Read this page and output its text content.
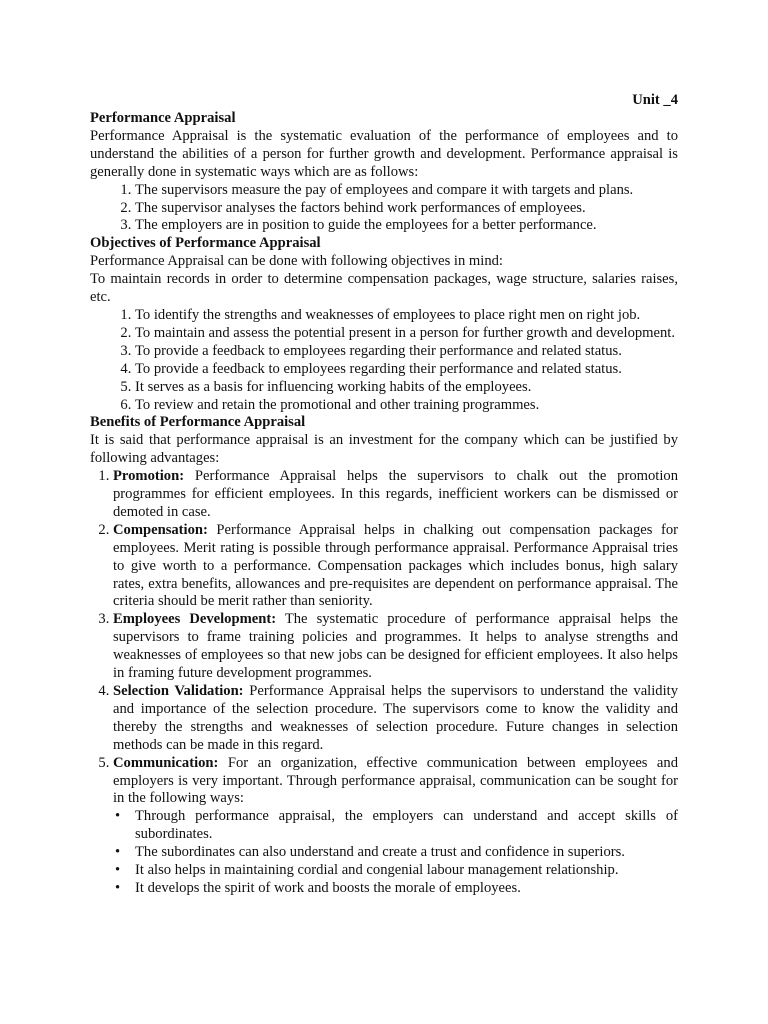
Unit _4
Performance Appraisal
Performance Appraisal is the systematic evaluation of the performance of employees and to understand the abilities of a person for further growth and development. Performance appraisal is generally done in systematic ways which are as follows:
1. The supervisors measure the pay of employees and compare it with targets and plans.
2. The supervisor analyses the factors behind work performances of employees.
3. The employers are in position to guide the employees for a better performance.
Objectives of Performance Appraisal
Performance Appraisal can be done with following objectives in mind:
To maintain records in order to determine compensation packages, wage structure, salaries raises, etc.
1. To identify the strengths and weaknesses of employees to place right men on right job.
2. To maintain and assess the potential present in a person for further growth and development.
3. To provide a feedback to employees regarding their performance and related status.
4. To provide a feedback to employees regarding their performance and related status.
5. It serves as a basis for influencing working habits of the employees.
6. To review and retain the promotional and other training programmes.
Benefits of Performance Appraisal
It is said that performance appraisal is an investment for the company which can be justified by following advantages:
1. Promotion: Performance Appraisal helps the supervisors to chalk out the promotion programmes for efficient employees. In this regards, inefficient workers can be dismissed or demoted in case.
2. Compensation: Performance Appraisal helps in chalking out compensation packages for employees. Merit rating is possible through performance appraisal. Performance Appraisal tries to give worth to a performance. Compensation packages which includes bonus, high salary rates, extra benefits, allowances and pre-requisites are dependent on performance appraisal. The criteria should be merit rather than seniority.
3. Employees Development: The systematic procedure of performance appraisal helps the supervisors to frame training policies and programmes. It helps to analyse strengths and weaknesses of employees so that new jobs can be designed for efficient employees. It also helps in framing future development programmes.
4. Selection Validation: Performance Appraisal helps the supervisors to understand the validity and importance of the selection procedure. The supervisors come to know the validity and thereby the strengths and weaknesses of selection procedure. Future changes in selection methods can be made in this regard.
5. Communication: For an organization, effective communication between employees and employers is very important. Through performance appraisal, communication can be sought for in the following ways:
• Through performance appraisal, the employers can understand and accept skills of subordinates.
• The subordinates can also understand and create a trust and confidence in superiors.
• It also helps in maintaining cordial and congenial labour management relationship.
• It develops the spirit of work and boosts the morale of employees.
